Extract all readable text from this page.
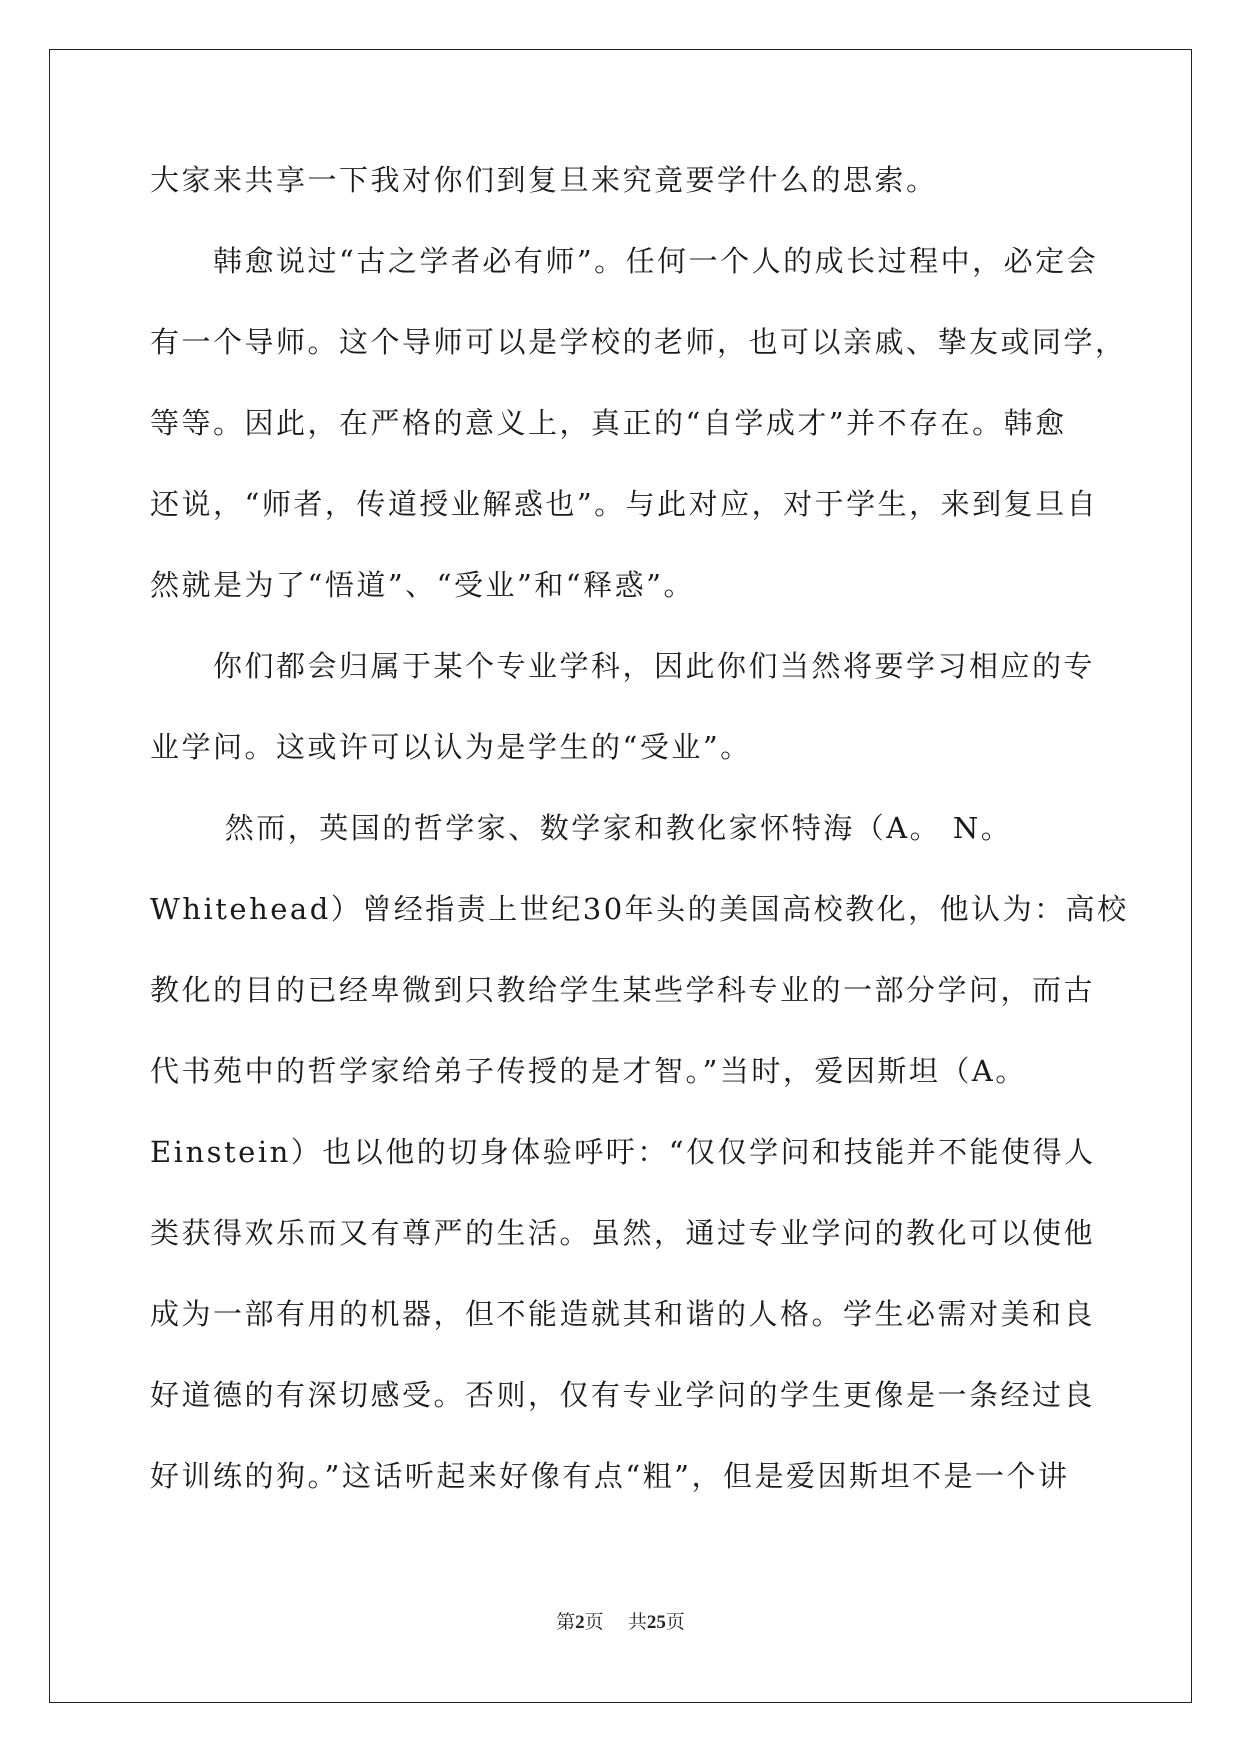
大家来共享一下我对你们到复旦来究竟要学什么的思索。
　　韩愈说过“古之学者必有师”。任何一个人的成长过程中，必定会
有一个导师。这个导师可以是学校的老师，也可以亲戚、挚友或同学，
等等。因此，在严格的意义上，真正的“自学成才”并不存在。韩愈
还说，“师者，传道授业解惑也”。与此对应，对于学生，来到复旦自
然就是为了“悟道”、“受业”和“释惑”。
　　你们都会归属于某个专业学科，因此你们当然将要学习相应的专
业学问。这或许可以认为是学生的“受业”。
　　 然而，英国的哲学家、数学家和教化家怀特海（A。 N。
Whitehead）曾经指责上世纪30年头的美国高校教化，他认为：高校
教化的目的已经卑微到只教给学生某些学科专业的一部分学问，而古
代书苑中的哲学家给弟子传授的是才智。”当时，爱因斯坦（A。
Einstein）也以他的切身体验呼吁：“仅仅学问和技能并不能使得人
类获得欢乐而又有尊严的生活。虽然，通过专业学问的教化可以使他
成为一部有用的机器，但不能造就其和谐的人格。学生必需对美和良
好道德的有深切感受。否则，仅有专业学问的学生更像是一条经过良
好训练的狗。”这话听起来好像有点“粗”，但是爱因斯坦不是一个讲
第2页 共25页
